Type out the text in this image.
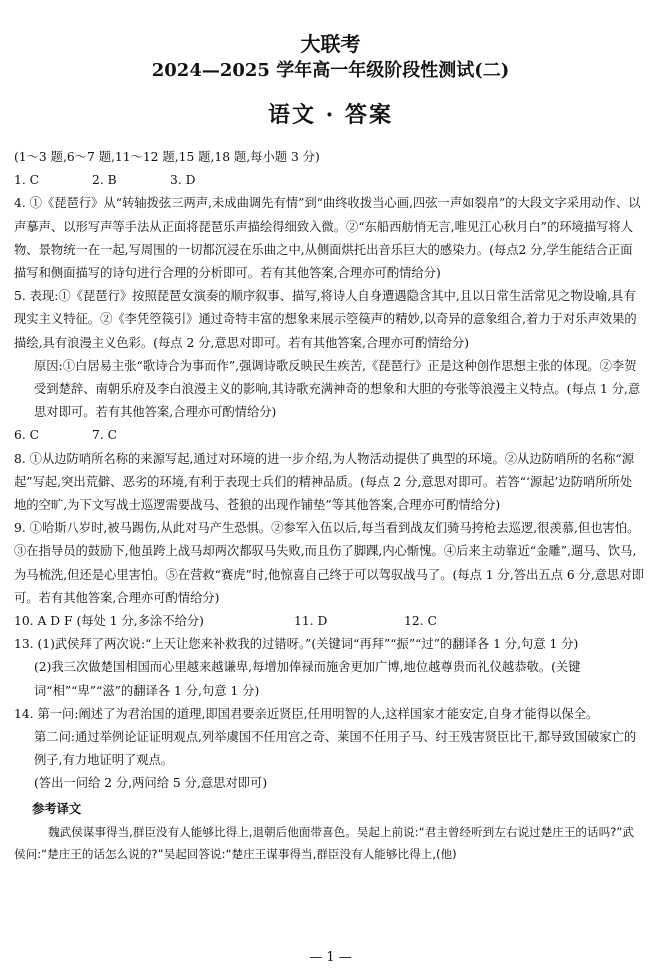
大联考
2024—2025 学年高一年级阶段性测试(二)
语文 · 答案

(1～3 题,6～7 题,11～12 题,15 题,18 题,每小题 3 分)

1. C	2. B	3. D

4. ①《琵琶行》从“转轴拨弦三两声,未成曲调先有情”到“曲终收拨当心画,四弦一声如裂帛”的大段文字采用动作、以声摹声、以形写声等手法从正面将琵琶乐声描绘得细致入微。②“东船西舫悄无言,唯见江心秋月白”的环境描写将人物、景物统一在一起,写周围的一切都沉浸在乐曲之中,从侧面烘托出音乐巨大的感染力。(每点2 分,学生能结合正面描写和侧面描写的诗句进行合理的分析即可。若有其他答案,合理亦可酌情给分)

5. 表现:①《琵琶行》按照琵琶女演奏的顺序叙事、描写,将诗人自身遭遇隐含其中,且以日常生活常见之物设喻,具有现实主义特征。②《李凭箜篌引》通过奇特丰富的想象来展示箜篌声的精妙,以奇异的意象组合,着力于对乐声效果的描绘,具有浪漫主义色彩。(每点 2 分,意思对即可。若有其他答案,合理亦可酌情给分)

原因:①白居易主张“歌诗合为事而作”,强调诗歌反映民生疾苦,《琵琶行》正是这种创作思想主张的体现。②李贺受到楚辞、南朝乐府及李白浪漫主义的影响,其诗歌充满神奇的想象和大胆的夸张等浪漫主义特点。(每点 1 分,意思对即可。若有其他答案,合理亦可酌情给分)

6. C	7. C

8. ①从边防哨所名称的来源写起,通过对环境的进一步介绍,为人物活动提供了典型的环境。②从边防哨所的名称“源起”写起,突出荒僻、恶劣的环境,有利于表现士兵们的精神品质。(每点 2 分,意思对即可。若答“‘源起’边防哨所所处地的空旷,为下文写战士巡逻需要战马、苍狼的出现作铺垫”等其他答案,合理亦可酌情给分)

9. ①哈斯八岁时,被马踢伤,从此对马产生恐惧。②参军入伍以后,每当看到战友们骑马挎枪去巡逻,很羡慕,但也害怕。③在指导员的鼓励下,他虽跨上战马却两次都驭马失败,而且伤了脚踝,内心惭愧。④后来主动靠近“金雕”,遛马、饮马,为马梳洗,但还是心里害怕。⑤在营救“赛虎”时,他惊喜自己终于可以驾驭战马了。(每点 1 分,答出五点 6 分,意思对即可。若有其他答案,合理亦可酌情给分)

10. A D F (每处 1 分,多涂不给分)	11. D	12. C

13. (1)武侯拜了两次说:“上天让您来补救我的过错呀。”(关键词“再拜”“振”“过”的翻译各 1 分,句意 1 分)

(2)我三次做楚国相国而心里越来越谦卑,每增加俸禄而施舍更加广博,地位越尊贵而礼仪越恭敬。(关键词“相”“卑”“滋”的翻译各 1 分,句意 1 分)

14. 第一问:阐述了为君治国的道理,即国君要亲近贤臣,任用明智的人,这样国家才能安定,自身才能得以保全。

第二问:通过举例论证证明观点,列举虞国不任用宫之奇、莱国不任用子马、纣王残害贤臣比干,都导致国破家亡的例子,有力地证明了观点。

(答出一问给 2 分,两问给 5 分,意思对即可)

参考译文

魏武侯谋事得当,群臣没有人能够比得上,退朝后他面带喜色。吴起上前说:“君主曾经听到左右说过楚庄王的话吗?”武侯问:“楚庄王的话怎么说的?”吴起回答说:“楚庄王谋事得当,群臣没有人能够比得上,(他)

— 1 —
